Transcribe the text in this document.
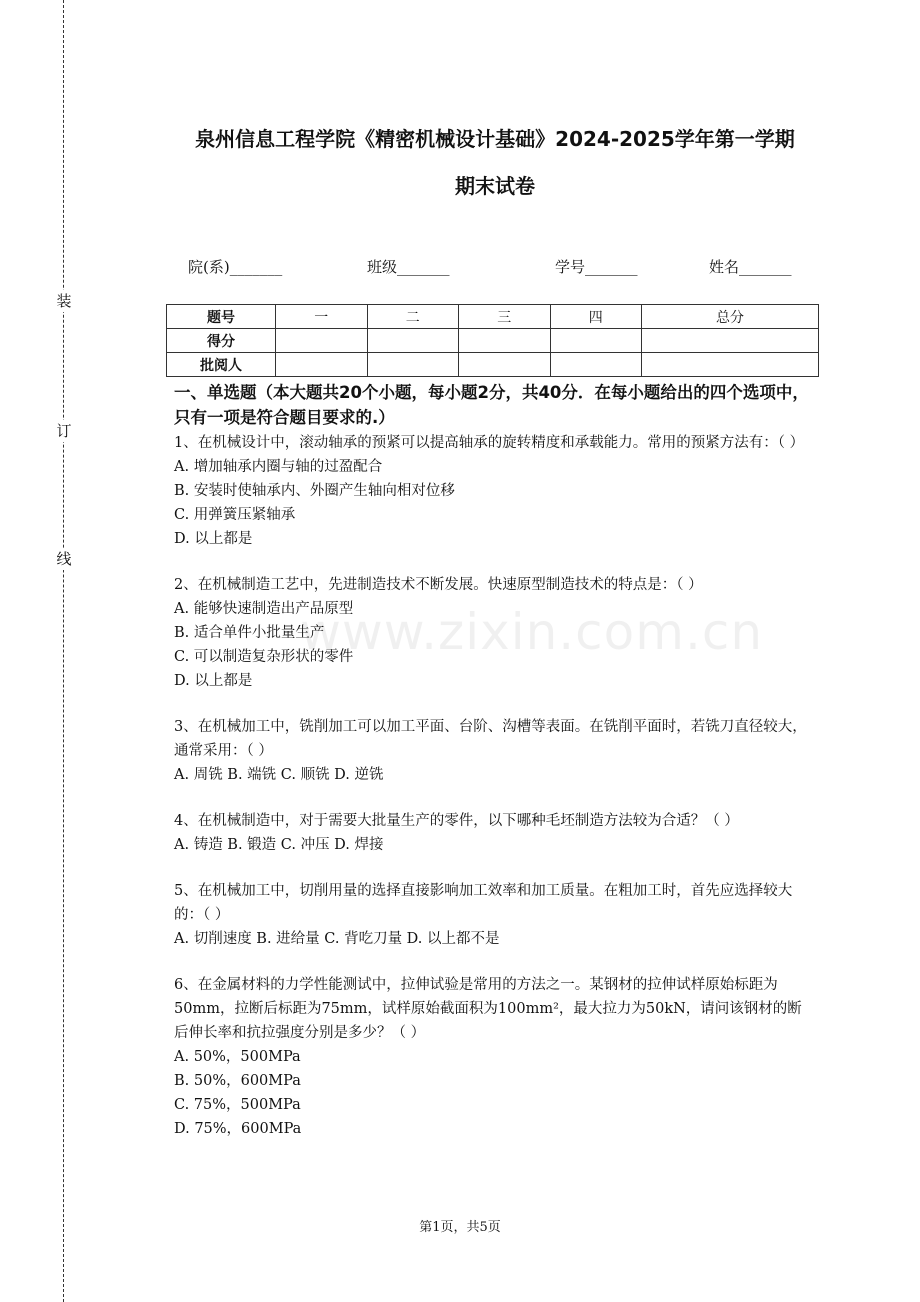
装
订
线
泉州信息工程学院《精密机械设计基础》2024-2025学年第一学期
期末试卷
院(系)_______	班级_______	学号_______	姓名_______
题号	一	二	三	四	总分
得分					
批阅人					
www.zixin.com.cn
一、单选题（本大题共20个小题，每小题2分，共40分．在每小题给出的四个选项中，只有一项是符合题目要求的.）

1、在机械设计中，滚动轴承的预紧可以提高轴承的旋转精度和承载能力。常用的预紧方法有：（ ）

A. 增加轴承内圈与轴的过盈配合

B. 安装时使轴承内、外圈产生轴向相对位移

C. 用弹簧压紧轴承

D. 以上都是

2、在机械制造工艺中，先进制造技术不断发展。快速原型制造技术的特点是：（ ）

A. 能够快速制造出产品原型

B. 适合单件小批量生产

C. 可以制造复杂形状的零件

D. 以上都是

3、在机械加工中，铣削加工可以加工平面、台阶、沟槽等表面。在铣削平面时，若铣刀直径较大，通常采用：（ ）

A. 周铣 B. 端铣 C. 顺铣 D. 逆铣

4、在机械制造中，对于需要大批量生产的零件，以下哪种毛坯制造方法较为合适？（ ）

A. 铸造 B. 锻造 C. 冲压 D. 焊接

5、在机械加工中，切削用量的选择直接影响加工效率和加工质量。在粗加工时，首先应选择较大的：（ ）

A. 切削速度 B. 进给量 C. 背吃刀量 D. 以上都不是

6、在金属材料的力学性能测试中，拉伸试验是常用的方法之一。某钢材的拉伸试样原始标距为50mm，拉断后标距为75mm，试样原始截面积为100mm²，最大拉力为50kN，请问该钢材的断后伸长率和抗拉强度分别是多少？（ ）

A. 50%，500MPa

B. 50%，600MPa

C. 75%，500MPa

D. 75%，600MPa

第1页，共5页
